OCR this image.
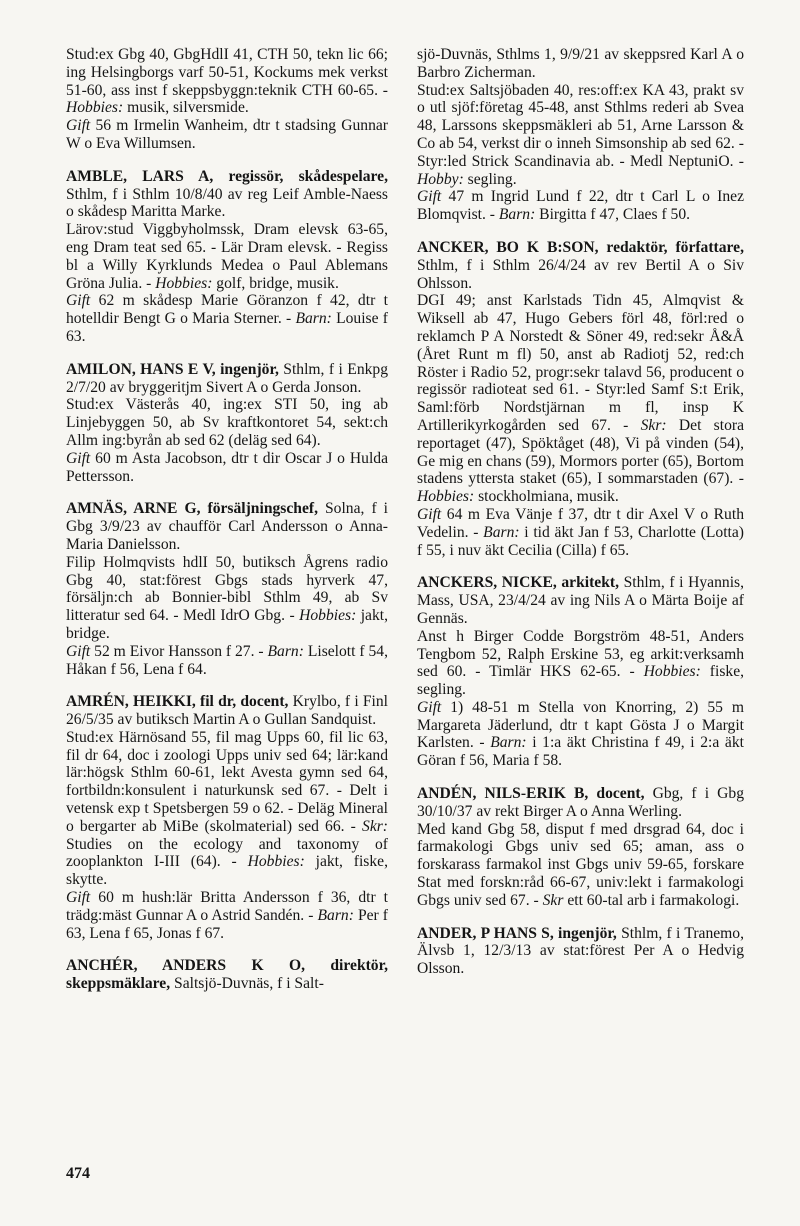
Stud:ex Gbg 40, GbgHdlI 41, CTH 50, tekn lic 66; ing Helsingborgs varf 50-51, Kockums mek verkst 51-60, ass inst f skeppsbyggn:teknik CTH 60-65. - Hobbies: musik, silversmide.
Gift 56 m Irmelin Wanheim, dtr t stadsing Gunnar W o Eva Willumsen.

AMBLE, LARS A, regissör, skådespelare, Sthlm, f i Sthlm 10/8/40 av reg Leif Amble-Naess o skådesp Maritta Marke.
Lärov:stud Viggbyholmssk, Dram elevsk 63-65, eng Dram teat sed 65. - Lär Dram elevsk. - Regiss bl a Willy Kyrklunds Medea o Paul Ablemans Gröna Julia. - Hobbies: golf, bridge, musik.
Gift 62 m skådesp Marie Göranzon f 42, dtr t hotelldir Bengt G o Maria Sterner. - Barn: Louise f 63.

AMILON, HANS E V, ingenjör, Sthlm, f i Enkpg 2/7/20 av bryggeritjm Sivert A o Gerda Jonson.
Stud:ex Västerås 40, ing:ex STI 50, ing ab Linjebyggen 50, ab Sv kraftkontoret 54, sekt:ch Allm ing:byrån ab sed 62 (deläg sed 64).
Gift 60 m Asta Jacobson, dtr t dir Oscar J o Hulda Pettersson.

AMNÄS, ARNE G, försäljningschef, Solna, f i Gbg 3/9/23 av chaufför Carl Andersson o Anna-Maria Danielsson.
Filip Holmqvists hdlI 50, butiksch Ågrens radio Gbg 40, stat:förest Gbgs stads hyrverk 47, försäljn:ch ab Bonnier-bibl Sthlm 49, ab Sv litteratur sed 64. - Medl IdrO Gbg. - Hobbies: jakt, bridge.
Gift 52 m Eivor Hansson f 27. - Barn: Liselott f 54, Håkan f 56, Lena f 64.

AMRÉN, HEIKKI, fil dr, docent, Krylbo, f i Finl 26/5/35 av butiksch Martin A o Gullan Sandquist.
Stud:ex Härnösand 55, fil mag Upps 60, fil lic 63, fil dr 64, doc i zoologi Upps univ sed 64; lär:kand lär:högsk Sthlm 60-61, lekt Avesta gymn sed 64, fortbildn:konsulent i naturkunsk sed 67. - Delt i vetensk exp t Spetsbergen 59 o 62. - Deläg Mineral o bergarter ab MiBe (skolmaterial) sed 66. - Skr: Studies on the ecology and taxonomy of zooplankton I-III (64). - Hobbies: jakt, fiske, skytte.
Gift 60 m hush:lär Britta Andersson f 36, dtr t trädg:mäst Gunnar A o Astrid Sandén. - Barn: Per f 63, Lena f 65, Jonas f 67.

ANCHÉR, ANDERS K O, direktör, skeppsmäklare, Saltsjö-Duvnäs, f i Salt-

sjö-Duvnäs, Sthlms 1, 9/9/21 av skeppsred Karl A o Barbro Zicherman.
Stud:ex Saltsjöbaden 40, res:off:ex KA 43, prakt sv o utl sjöf:företag 45-48, anst Sthlms rederi ab Svea 48, Larssons skeppsmäkleri ab 51, Arne Larsson & Co ab 54, verkst dir o inneh Simsonship ab sed 62. - Styr:led Strick Scandinavia ab. - Medl NeptuniO. - Hobby: segling.
Gift 47 m Ingrid Lund f 22, dtr t Carl L o Inez Blomqvist. - Barn: Birgitta f 47, Claes f 50.

ANCKER, BO K B:SON, redaktör, författare, Sthlm, f i Sthlm 26/4/24 av rev Bertil A o Siv Ohlsson.
DGI 49; anst Karlstads Tidn 45, Almqvist & Wiksell ab 47, Hugo Gebers förl 48, förl:red o reklamch P A Norstedt & Söner 49, red:sekr Å&Å (Året Runt m fl) 50, anst ab Radiotj 52, red:ch Röster i Radio 52, progr:sekr talavd 56, producent o regissör radioteat sed 61. - Styr:led Samf S:t Erik, Saml:förb Nordstjärnan m fl, insp K Artillerikyrkogården sed 67. - Skr: Det stora reportaget (47), Spöktåget (48), Vi på vinden (54), Ge mig en chans (59), Mormors porter (65), Bortom stadens yttersta staket (65), I sommarstaden (67). - Hobbies: stockholmiana, musik.
Gift 64 m Eva Vänje f 37, dtr t dir Axel V o Ruth Vedelin. - Barn: i tid äkt Jan f 53, Charlotte (Lotta) f 55, i nuv äkt Cecilia (Cilla) f 65.

ANCKERS, NICKE, arkitekt, Sthlm, f i Hyannis, Mass, USA, 23/4/24 av ing Nils A o Märta Boije af Gennäs.
Anst h Birger Codde Borgström 48-51, Anders Tengbom 52, Ralph Erskine 53, eg arkit:verksamh sed 60. - Timlär HKS 62-65. - Hobbies: fiske, segling.
Gift 1) 48-51 m Stella von Knorring, 2) 55 m Margareta Jäderlund, dtr t kapt Gösta J o Margit Karlsten. - Barn: i 1:a äkt Christina f 49, i 2:a äkt Göran f 56, Maria f 58.

ANDÉN, NILS-ERIK B, docent, Gbg, f i Gbg 30/10/37 av rekt Birger A o Anna Werling.
Med kand Gbg 58, disput f med drsgrad 64, doc i farmakologi Gbgs univ sed 65; aman, ass o forskarass farmakol inst Gbgs univ 59-65, forskare Stat med forskn:råd 66-67, univ:lekt i farmakologi Gbgs univ sed 67. - Skr ett 60-tal arb i farmakologi.

ANDER, P HANS S, ingenjör, Sthlm, f i Tranemo, Älvsb 1, 12/3/13 av stat:förest Per A o Hedvig Olsson.

474
